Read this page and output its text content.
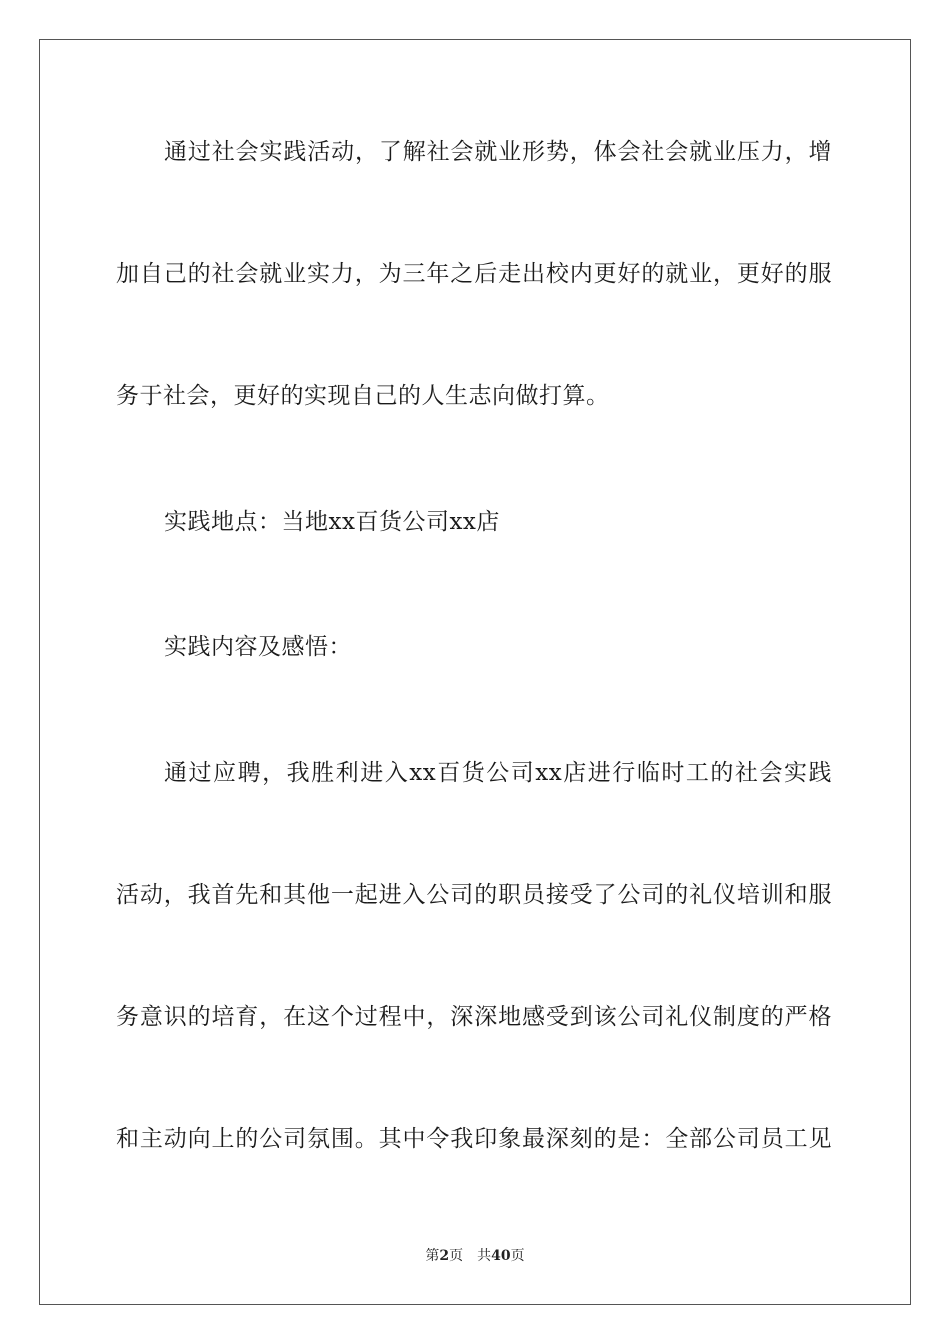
通过社会实践活动，了解社会就业形势，体会社会就业压力，增
加自己的社会就业实力，为三年之后走出校内更好的就业，更好的服
务于社会，更好的实现自己的人生志向做打算。
实践地点：当地xx百货公司xx店
实践内容及感悟：
通过应聘，我胜利进入xx百货公司xx店进行临时工的社会实践
活动，我首先和其他一起进入公司的职员接受了公司的礼仪培训和服
务意识的培育，在这个过程中，深深地感受到该公司礼仪制度的严格
和主动向上的公司氛围。其中令我印象最深刻的是：全部公司员工见
第2页 共40页
